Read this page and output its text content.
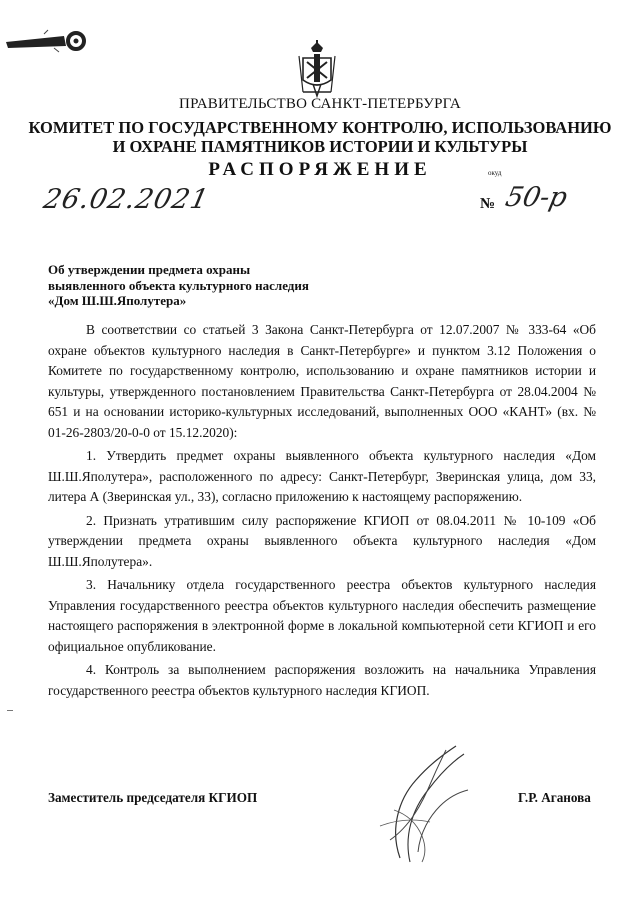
ПРАВИТЕЛЬСТВО САНКТ-ПЕТЕРБУРГА
КОМИТЕТ ПО ГОСУДАРСТВЕННОМУ КОНТРОЛЮ, ИСПОЛЬЗОВАНИЮ
И ОХРАНЕ ПАМЯТНИКОВ ИСТОРИИ И КУЛЬТУРЫ
РАСПОРЯЖЕНИЕ	окуд
26.02.2021	№ 50-р
Об утверждении предмета охраны
выявленного объекта культурного наследия
«Дом Ш.Ш.Яполутера»

В соответствии со статьей 3 Закона Санкт-Петербурга от 12.07.2007 № 333-64 «Об охране объектов культурного наследия в Санкт-Петербурге» и пунктом 3.12 Положения о Комитете по государственному контролю, использованию и охране памятников истории и культуры, утвержденного постановлением Правительства Санкт-Петербурга от 28.04.2004 № 651 и на основании историко-культурных исследований, выполненных ООО «КАНТ» (вх. № 01-26-2803/20-0-0 от 15.12.2020):

1. Утвердить предмет охраны выявленного объекта культурного наследия «Дом Ш.Ш.Яполутера», расположенного по адресу: Санкт-Петербург, Зверинская улица, дом 33, литера А (Зверинская ул., 33), согласно приложению к настоящему распоряжению.

2. Признать утратившим силу распоряжение КГИОП от 08.04.2011 № 10-109 «Об утверждении предмета охраны выявленного объекта культурного наследия «Дом Ш.Ш.Яполутера».

3. Начальнику отдела государственного реестра объектов культурного наследия Управления государственного реестра объектов культурного наследия обеспечить размещение настоящего распоряжения в электронной форме в локальной компьютерной сети КГИОП и его официальное опубликование.

4. Контроль за выполнением распоряжения возложить на начальника Управления государственного реестра объектов культурного наследия КГИОП.

Заместитель председателя КГИОП	Г.Р. Аганова
